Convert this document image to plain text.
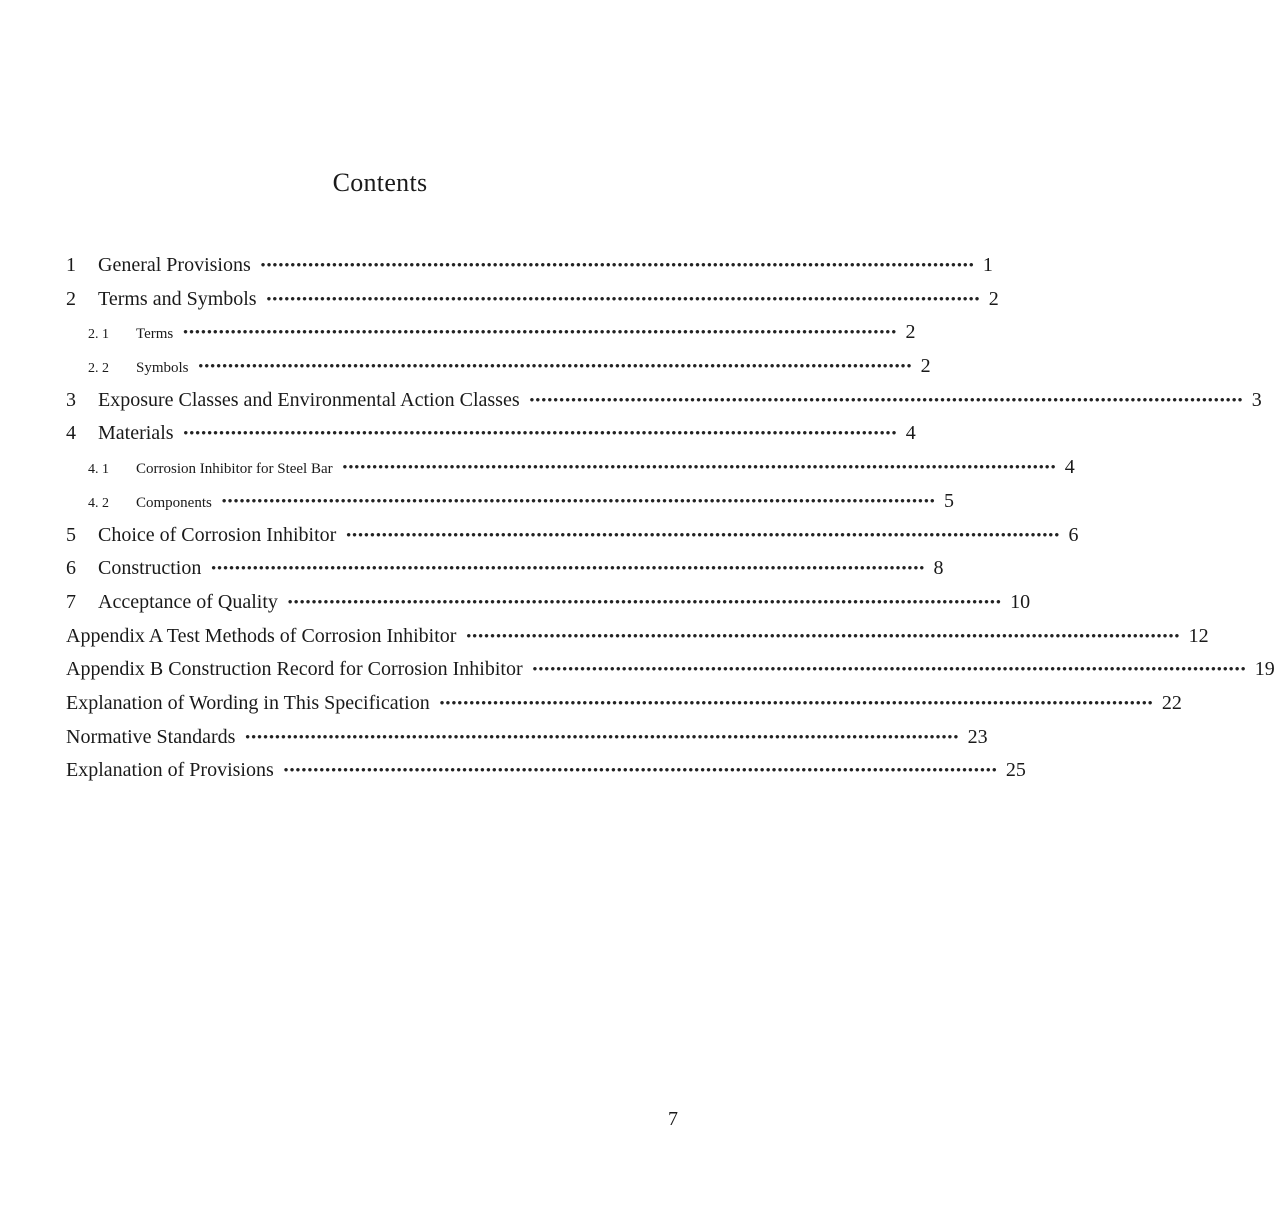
Contents
1	General Provisions •••••••••••••••••••••••••••••••••••••••••••••••••••••••••••••••••••••••••••••••••••••••••••••••••••••••••••••••••••••••• 1
2	Terms and Symbols •••••••••••••••••••••••••••••••••••••••••••••••••••••••••••••••••••••••••••••••••••••••••••••••••••••••••••••••••••••••• 2
2. 1	Terms •••••••••••••••••••••••••••••••••••••••••••••••••••••••••••••••••••••••••••••••••••••••••••••••••••••••••••••••••••••••• 2
2. 2	Symbols •••••••••••••••••••••••••••••••••••••••••••••••••••••••••••••••••••••••••••••••••••••••••••••••••••••••••••••••••••••••• 2
3	Exposure Classes and Environmental Action Classes •••••••••••••••••••••••••••••••••••••••••••••••••••••••••••••••••••••••••••••••••••••••••••••••••••••••••••••••••••••••• 3
4	Materials •••••••••••••••••••••••••••••••••••••••••••••••••••••••••••••••••••••••••••••••••••••••••••••••••••••••••••••••••••••••• 4
4. 1	Corrosion Inhibitor for Steel Bar •••••••••••••••••••••••••••••••••••••••••••••••••••••••••••••••••••••••••••••••••••••••••••••••••••••••••••••••••••••••• 4
4. 2	Components •••••••••••••••••••••••••••••••••••••••••••••••••••••••••••••••••••••••••••••••••••••••••••••••••••••••••••••••••••••••• 5
5	Choice of Corrosion Inhibitor •••••••••••••••••••••••••••••••••••••••••••••••••••••••••••••••••••••••••••••••••••••••••••••••••••••••••••••••••••••••• 6
6	Construction •••••••••••••••••••••••••••••••••••••••••••••••••••••••••••••••••••••••••••••••••••••••••••••••••••••••••••••••••••••••• 8
7	Acceptance of Quality •••••••••••••••••••••••••••••••••••••••••••••••••••••••••••••••••••••••••••••••••••••••••••••••••••••••••••••••••••••••• 10
Appendix A Test Methods of Corrosion Inhibitor •••••••••••••••••••••••••••••••••••••••••••••••••••••••••••••••••••••••••••••••••••••••••••••••••••••••••••••••••••••••• 12
Appendix B Construction Record for Corrosion Inhibitor •••••••••••••••••••••••••••••••••••••••••••••••••••••••••••••••••••••••••••••••••••••••••••••••••••••••••••••••••••••••• 19
Explanation of Wording in This Specification •••••••••••••••••••••••••••••••••••••••••••••••••••••••••••••••••••••••••••••••••••••••••••••••••••••••••••••••••••••••• 22
Normative Standards •••••••••••••••••••••••••••••••••••••••••••••••••••••••••••••••••••••••••••••••••••••••••••••••••••••••••••••••••••••••• 23
Explanation of Provisions •••••••••••••••••••••••••••••••••••••••••••••••••••••••••••••••••••••••••••••••••••••••••••••••••••••••••••••••••••••••• 25
7
